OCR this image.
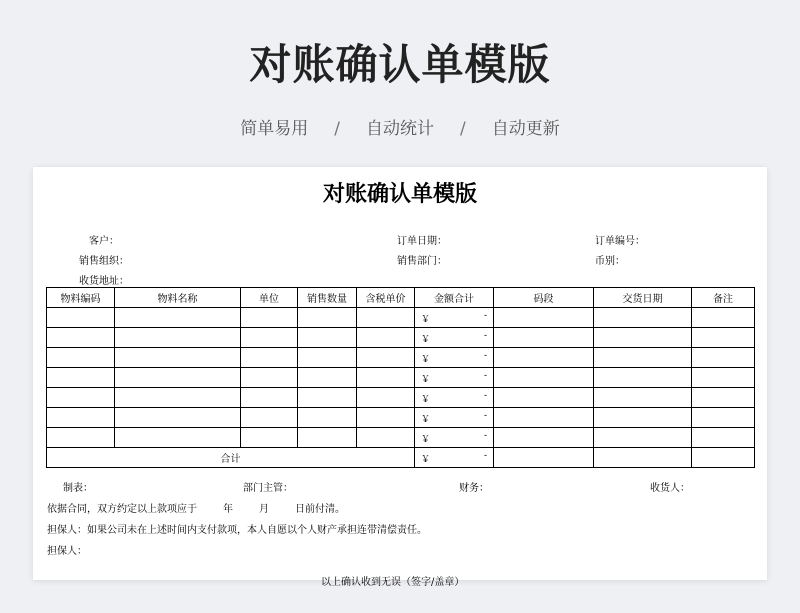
对账确认单模版
简单易用 / 自动统计 / 自动更新
对账确认单模版
客户：	订单日期：	订单编号：
销售组织：	销售部门：	币别：
收货地址：
物料编码	物料名称	单位	销售数量	含税单价	金额合计	码段	交货日期	备注

					￥ -			

					￥ -			

					￥ -			

					￥ -			

					￥ -			

					￥ -			

					￥ -			

合计					￥ -			

制表：	部门主管：	财务：	收货人：
依据合同，双方约定以上款项应于	年	月	日前付清。
担保人：如果公司未在上述时间内支付款项，本人自愿以个人财产承担连带清偿责任。
担保人：
以上确认收到无误（签字/盖章）
